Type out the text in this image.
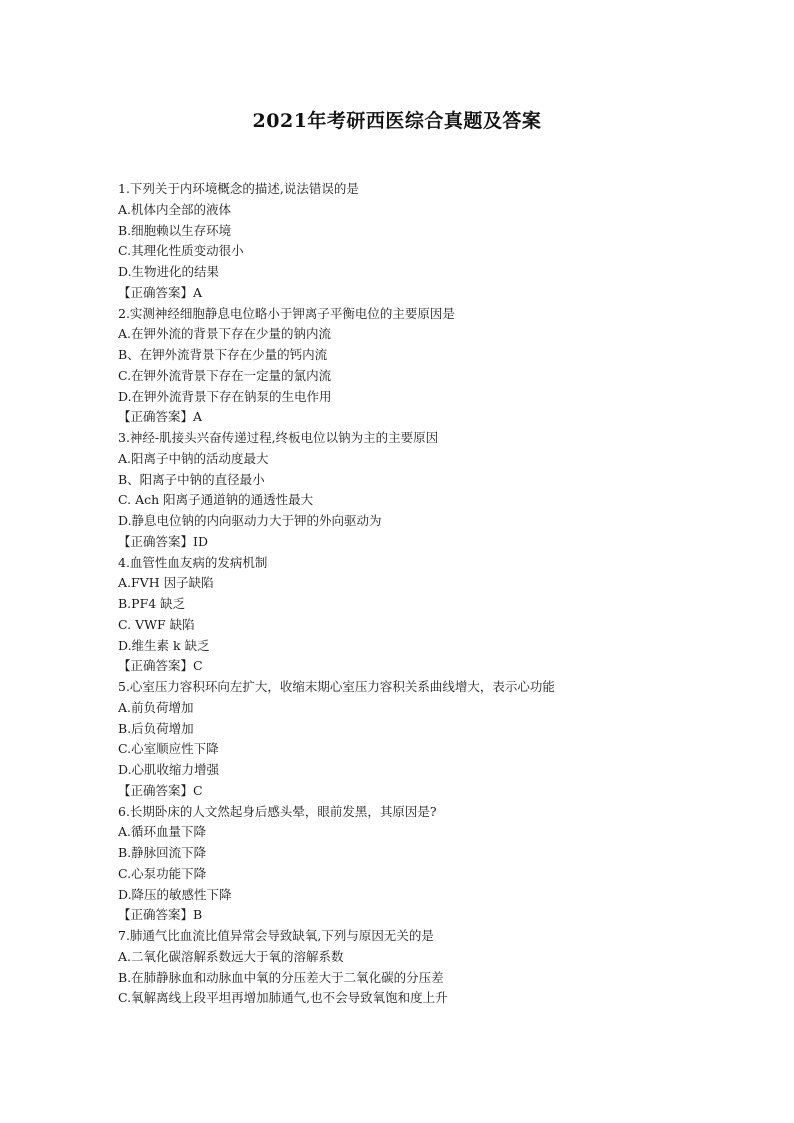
2021年考研西医综合真题及答案
1.下列关于内环境概念的描述,说法错误的是
A.机体内全部的液体
B.细胞赖以生存环境
C.其理化性质变动很小
D.生物进化的结果
【正确答案】A
2.实测神经细胞静息电位略小于钾离子平衡电位的主要原因是
A.在钾外流的背景下存在少量的钠内流
B、在钾外流背景下存在少量的钙内流
C.在钾外流背景下存在一定量的氯内流
D.在钾外流背景下存在钠泵的生电作用
【正确答案】A
3.神经-肌接头兴奋传递过程,终板电位以钠为主的主要原因
A.阳离子中钠的活动度最大
B、阳离子中钠的直径最小
C. Ach 阳离子通道钠的通透性最大
D.静息电位钠的内向驱动力大于钾的外向驱动为
【正确答案】ID
4.血管性血友病的发病机制
A.FVH 因子缺陷
B.PF4 缺乏
C. VWF 缺陷
D.维生素 k 缺乏
【正确答案】C
5.心室压力容积环向左扩大，收缩末期心室压力容积关系曲线增大，表示心功能
A.前负荷增加
B.后负荷增加
C.心室顺应性下降
D.心肌收缩力增强
【正确答案】C
6.长期卧床的人文然起身后感头晕，眼前发黑，其原因是?
A.循环血量下降
B.静脉回流下降
C.心泵功能下降
D.降压的敏感性下降
【正确答案】B
7.肺通气比血流比值异常会导致缺氧,下列与原因无关的是
A.二氧化碳溶解系数远大于氧的溶解系数
B.在肺静脉血和动脉血中氧的分压差大于二氧化碳的分压差
C.氧解离线上段平坦再增加肺通气,也不会导致氧饱和度上升
